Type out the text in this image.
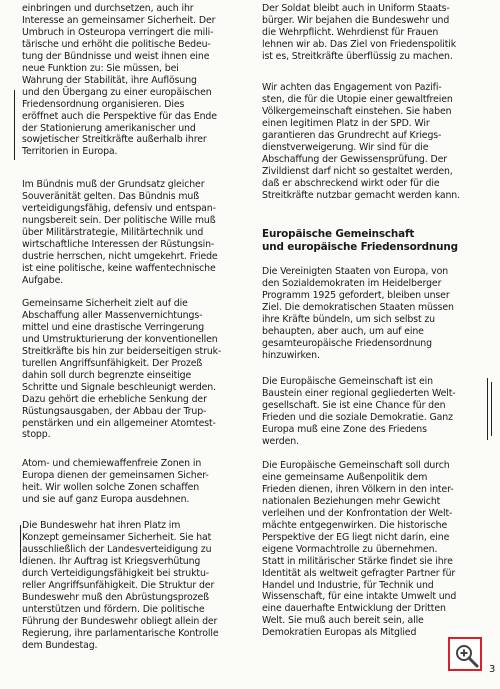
einbringen und durchsetzen, auch ihr
Interesse an gemeinsamer Sicherheit. Der
Umbruch in Osteuropa verringert die mili-
tärische und erhöht die politische Bedeu-
tung der Bündnisse und weist ihnen eine
neue Funktion zu: Sie müssen, bei
Wahrung der Stabilität, ihre Auflösung
und den Übergang zu einer europäischen
Friedensordnung organisieren. Dies
eröffnet auch die Perspektive für das Ende
der Stationierung amerikanischer und
sowjetischer Streitkräfte außerhalb ihrer
Territorien in Europa.

Im Bündnis muß der Grundsatz gleicher
Souveränität gelten. Das Bündnis muß
verteidigungsfähig, defensiv und entspan-
nungsbereit sein. Der politische Wille muß
über Militärstrategie, Militärtechnik und
wirtschaftliche Interessen der Rüstungsin-
dustrie herrschen, nicht umgekehrt. Friede
ist eine politische, keine waffentechnische
Aufgabe.

Gemeinsame Sicherheit zielt auf die
Abschaffung aller Massenvernichtungs-
mittel und eine drastische Verringerung
und Umstrukturierung der konventionellen
Streitkräfte bis hin zur beiderseitigen struk-
turellen Angriffsunfähigkeit. Der Prozeß
dahin soll durch begrenzte einseitige
Schritte und Signale beschleunigt werden.
Dazu gehört die erhebliche Senkung der
Rüstungsausgaben, der Abbau der Trup-
penstärken und ein allgemeiner Atomtest-
stopp.

Atom- und chemiewaffenfreie Zonen in
Europa dienen der gemeinsamen Sicher-
heit. Wir wollen solche Zonen schaffen
und sie auf ganz Europa ausdehnen.

Die Bundeswehr hat ihren Platz im
Konzept gemeinsamer Sicherheit. Sie hat
ausschließlich der Landesverteidigung zu
dienen. Ihr Auftrag ist Kriegsverhütung
durch Verteidigungsfähigkeit bei struktu-
reller Angriffsunfähigkeit. Die Struktur der
Bundeswehr muß den Abrüstungsprozeß
unterstützen und fördern. Die politische
Führung der Bundeswehr obliegt allein der
Regierung, ihre parlamentarische Kontrolle
dem Bundestag.

Der Soldat bleibt auch in Uniform Staats-
bürger. Wir bejahen die Bundeswehr und
die Wehrpflicht. Wehrdienst für Frauen
lehnen wir ab. Das Ziel von Friedenspolitik
ist es, Streitkräfte überflüssig zu machen.

Wir achten das Engagement von Pazifi-
sten, die für die Utopie einer gewaltfreien
Völkergemeinschaft einstehen. Sie haben
einen legitimen Platz in der SPD. Wir
garantieren das Grundrecht auf Kriegs-
dienstverweigerung. Wir sind für die
Abschaffung der Gewissensprüfung. Der
Zivildienst darf nicht so gestaltet werden,
daß er abschreckend wirkt oder für die
Streitkräfte nutzbar gemacht werden kann.

Europäische Gemeinschaft
und europäische Friedensordnung

Die Vereinigten Staaten von Europa, von
den Sozialdemokraten im Heidelberger
Programm 1925 gefordert, bleiben unser
Ziel. Die demokratischen Staaten müssen
ihre Kräfte bündeln, um sich selbst zu
behaupten, aber auch, um auf eine
gesamteuropäische Friedensordnung
hinzuwirken.

Die Europäische Gemeinschaft ist ein
Baustein einer regional gegliederten Welt-
gesellschaft. Sie ist eine Chance für den
Frieden und die soziale Demokratie. Ganz
Europa muß eine Zone des Friedens
werden.

Die Europäische Gemeinschaft soll durch
eine gemeinsame Außenpolitik dem
Frieden dienen, ihren Völkern in den inter-
nationalen Beziehungen mehr Gewicht
verleihen und der Konfrontation der Welt-
mächte entgegenwirken. Die historische
Perspektive der EG liegt nicht darin, eine
eigene Vormachtrolle zu übernehmen.
Statt in militärischer Stärke findet sie ihre
Identität als weltweit gefragter Partner für
Handel und Industrie, für Technik und
Wissenschaft, für eine intakte Umwelt und
eine dauerhafte Entwicklung der Dritten
Welt. Sie muß auch bereit sein, alle
Demokratien Europas als Mitglied

3
